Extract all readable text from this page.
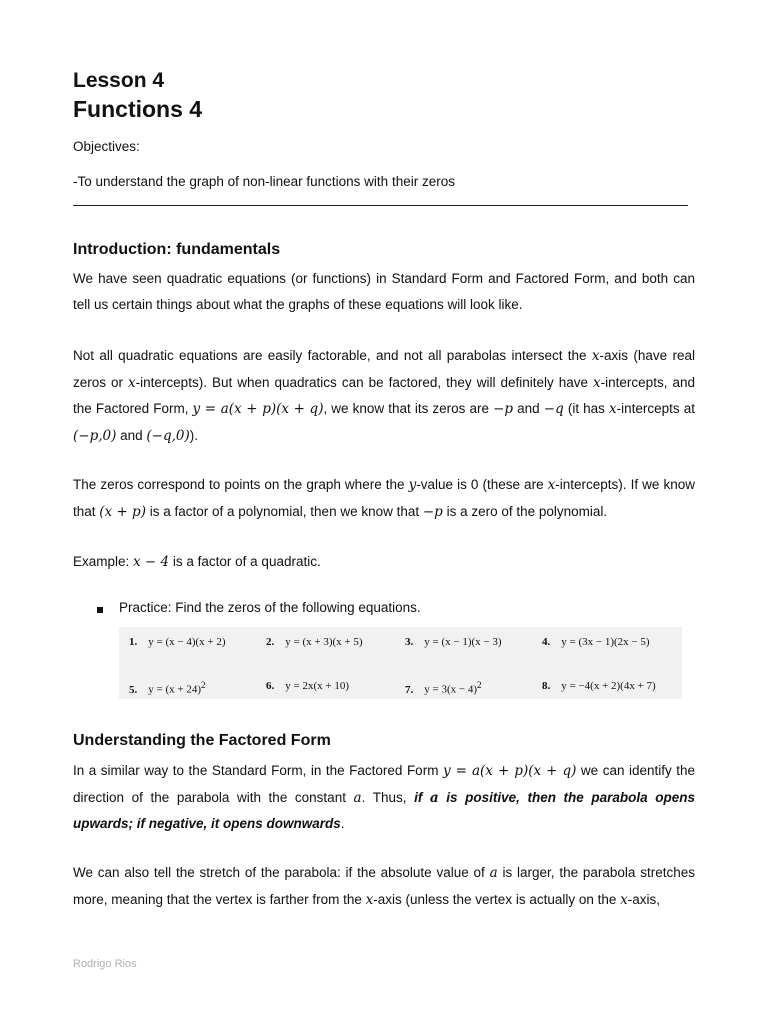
Lesson 4
Functions 4
Objectives:
-To understand the graph of non-linear functions with their zeros
Introduction: fundamentals
We have seen quadratic equations (or functions) in Standard Form and Factored Form, and both can tell us certain things about what the graphs of these equations will look like.
Not all quadratic equations are easily factorable, and not all parabolas intersect the x-axis (have real zeros or x-intercepts). But when quadratics can be factored, they will definitely have x-intercepts, and the Factored Form, y = a(x + p)(x + q), we know that its zeros are −p and −q (it has x-intercepts at (−p,0) and (−q,0)).
The zeros correspond to points on the graph where the y-value is 0 (these are x-intercepts). If we know that (x + p) is a factor of a polynomial, then we know that −p is a zero of the polynomial.
Example: x − 4 is a factor of a quadratic.
Practice: Find the zeros of the following equations.
1. y = (x − 4)(x + 2)	2. y = (x + 3)(x + 5)	3. y = (x − 1)(x − 3)	4. y = (3x − 1)(2x − 5)
5. $y = (x + 24)^2$	6. y = 2x(x + 10)	7. $y = 3(x - 4)^2$	8. y = −4(x + 2)(4x + 7)
Understanding the Factored Form
In a similar way to the Standard Form, in the Factored Form y = a(x + p)(x + q) we can identify the direction of the parabola with the constant a. Thus, if a is positive, then the parabola opens upwards; if negative, it opens downwards.
We can also tell the stretch of the parabola: if the absolute value of a is larger, the parabola stretches more, meaning that the vertex is farther from the x-axis (unless the vertex is actually on the x-axis,
Rodrigo Rios
